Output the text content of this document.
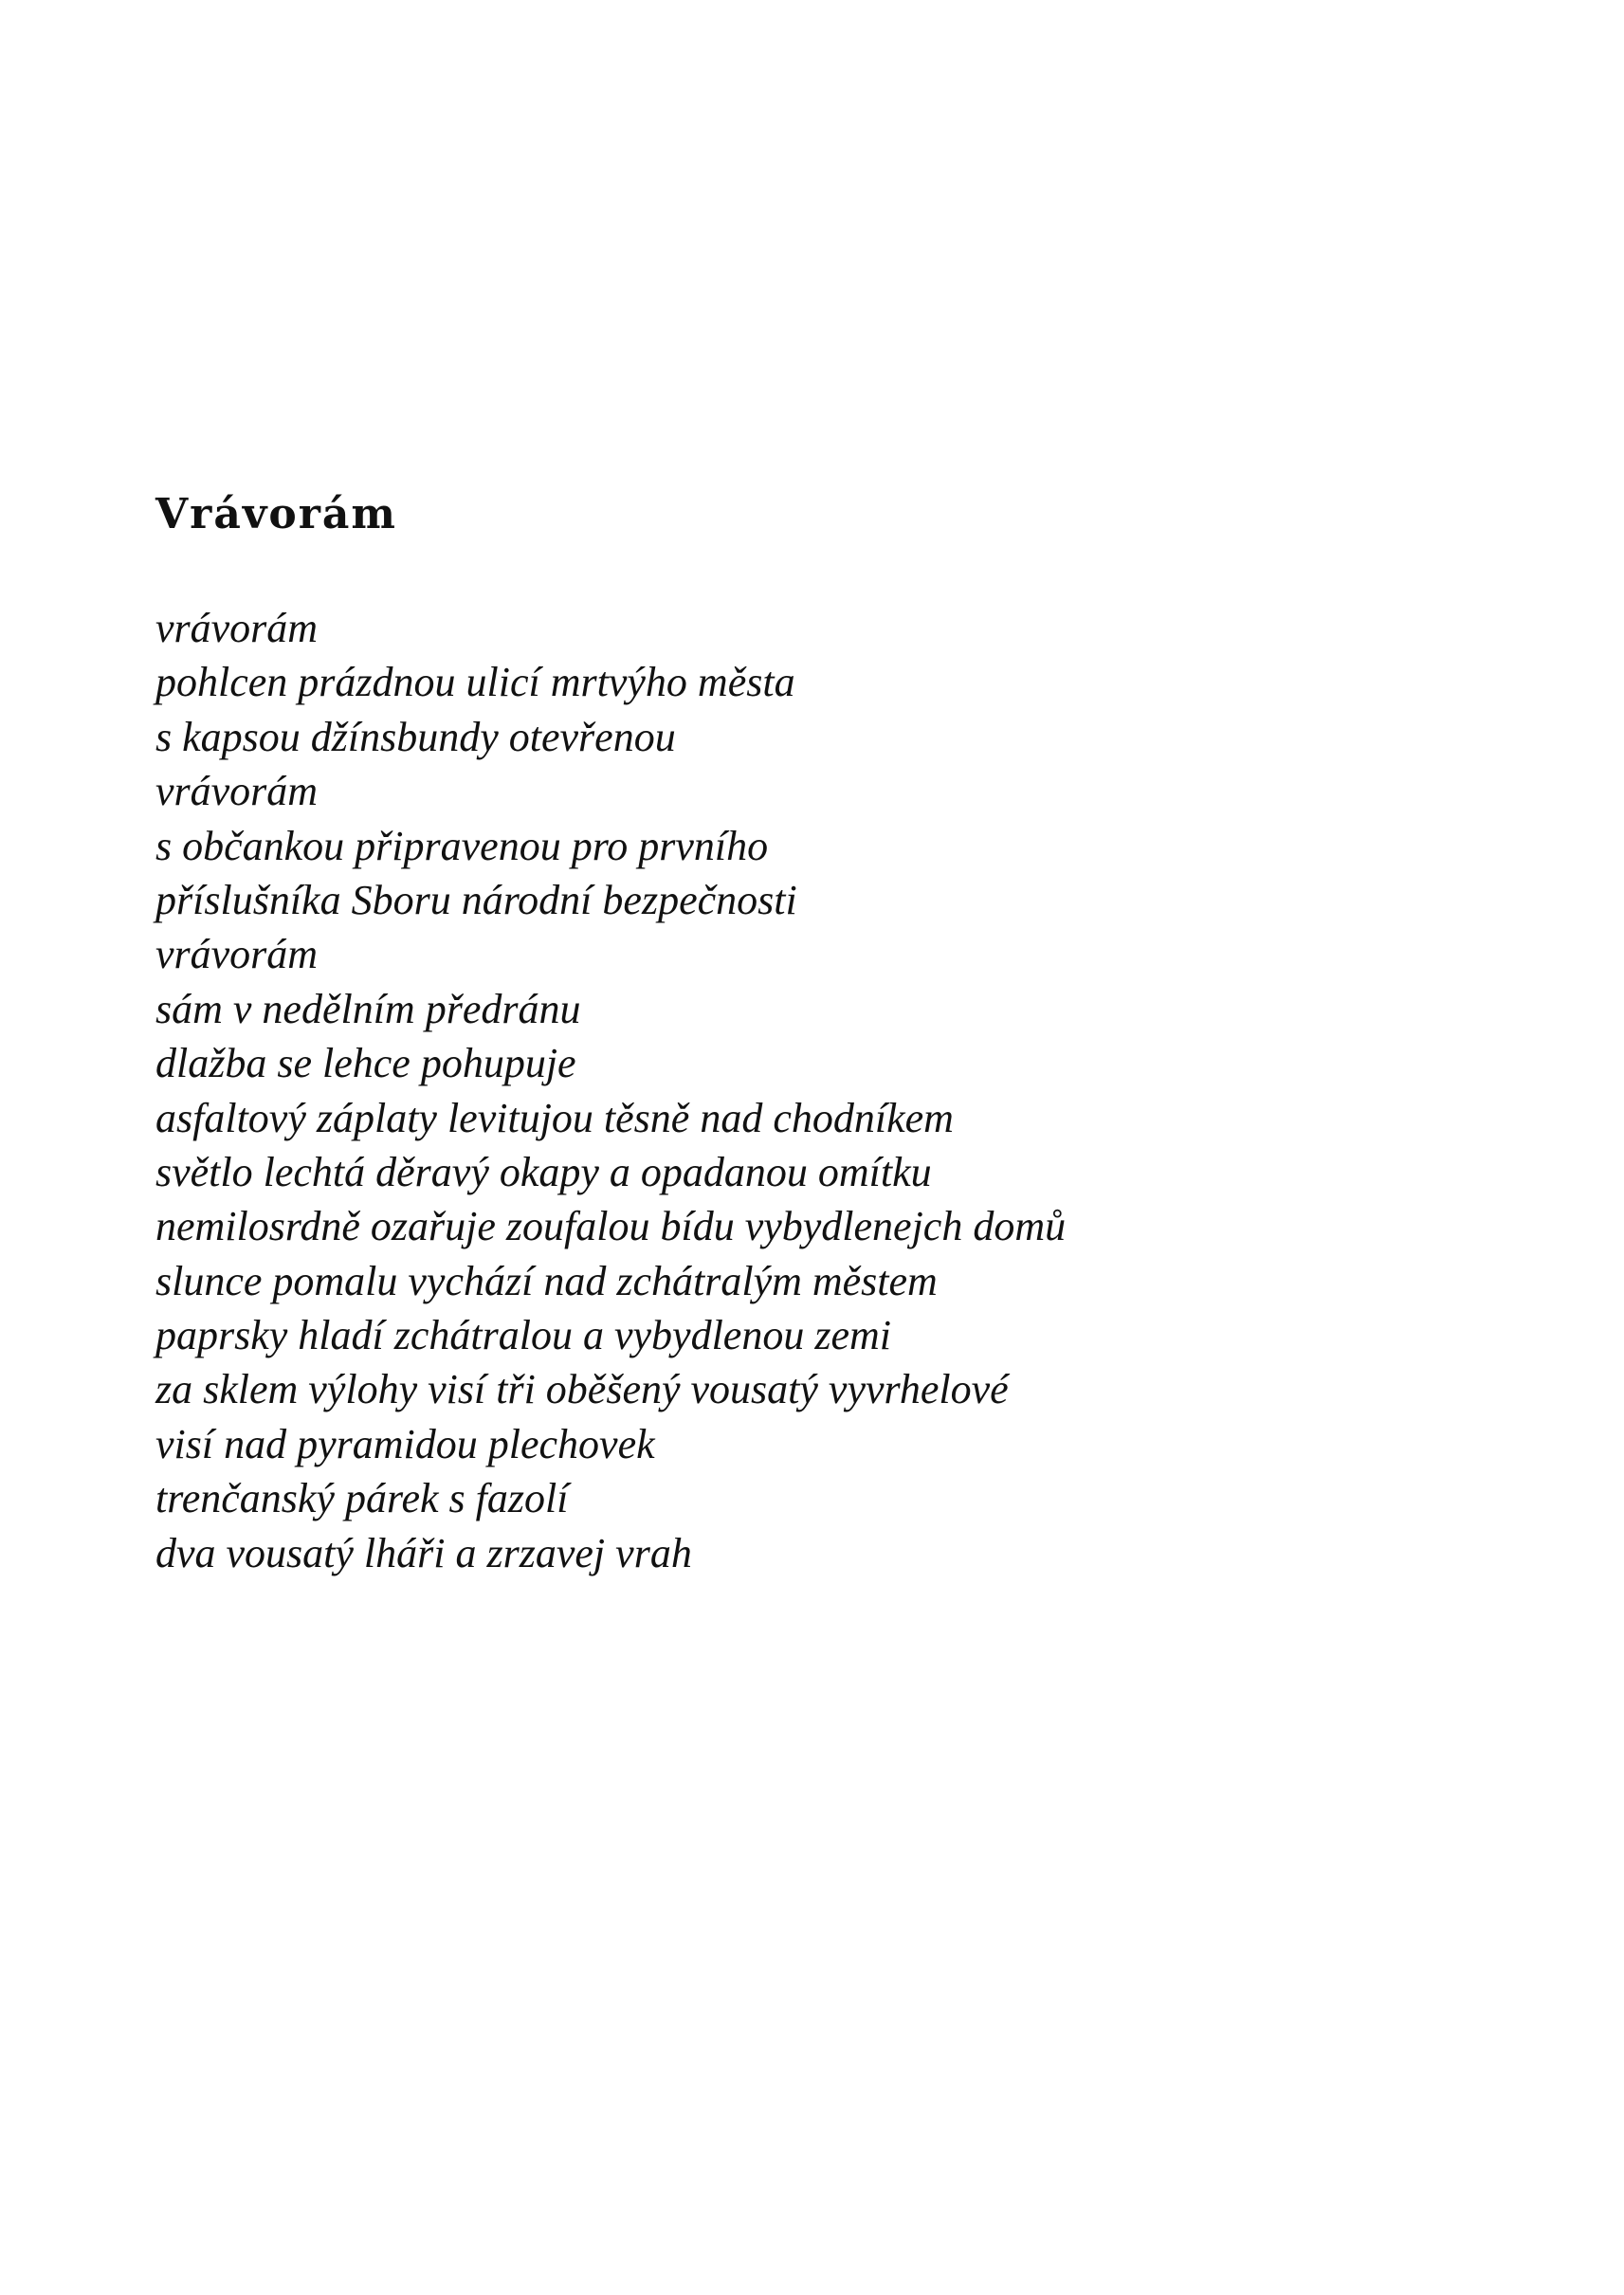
Vrávorám
vrávorám
pohlcen prázdnou ulicí mrtvýho města
s kapsou džínsbundy otevřenou
vrávorám
s občankou připravenou pro prvního
příslušníka Sboru národní bezpečnosti
vrávorám
sám v nedělním předránu
dlažba se lehce pohupuje
asfaltový záplaty levitujou těsně nad chodníkem
světlo lechtá děravý okapy a opadanou omítku
nemilosrdně ozařuje zoufalou bídu vybydlenejch domů
slunce pomalu vychází nad zchátralým městem
paprsky hladí zchátralou a vybydlenou zemi
za sklem výlohy visí tři oběšený vousatý vyvrhelové
visí nad pyramidou plechovek
trenčanský párek s fazolí
dva vousatý lháři a zrzavej vrah
